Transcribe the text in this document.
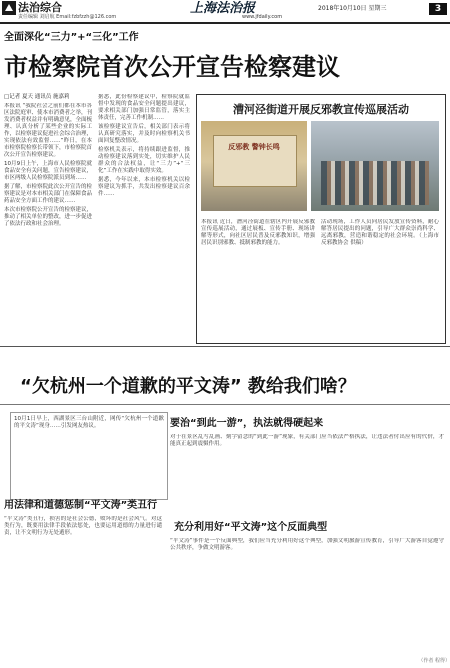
法治综合
责任编辑 刘启航 Email:fzbfzzh@126.com
上海法治报
www.jfdaily.com
2018年10月10日 星期三	3
全面深化“三力”+“三化”工作
市检察院首次公开宣告检察建议
□记者 夏天 通讯员 施嘉莉

本报讯 “我院社会之前们都在本市各区法院庭审、使本市消费者之举，刊发消费者权益并有明确意见，全面梳理、认真分析了某些企业的实际工作，以检察建议促进社会综合治理，实现依法有效监督……”昨日，在本市检察院检察长带领下，市检察院首次公开宣告检察建议。

10月9日上午，上海市人民检察院就食品安全有关问题，宣告检察建议，市区两级人民检察院派员到场……

据了解，市检察院此次公开宣告的检察建议是对本市相关部门在保障食品药品安全方面工作的建议……

本次市检察院公开宣告的检察建议，推动了相关单位的整改，进一步促进了依法行政和社会治理。

据悉，此份检察建议中，检察院就监督中发现的食品安全问题提出建议，要求相关部门加强日常监管，落实主体责任，完善工作机制……

该检察建议宣告后，相关部门表示将认真研究落实，并及时向检察机关书面回复整改情况。

检察机关表示，将持续跟进监督，推动检察建议落到实处，切实维护人民群众的合法权益，让“三力”+“三化”工作在实践中取得实效。

据悉，今年以来，本市检察机关以检察建议为抓手，共发出检察建议百余件……

漕河泾街道开展反邪教宣传巡展活动
反邪教 警钟长鸣
本报讯 近日，漕河泾街道在辖区内开展反邪教宣传巡展活动，通过展板、宣传手册、现场讲解等形式，向社区居民普及反邪教知识，增强居民识别邪教、抵制邪教的能力。
活动现场，工作人员向居民发放宣传资料，耐心解答居民提出的问题，引导广大群众崇尚科学、远离邪教，营造和谐稳定的社会环境。（上海市反邪教协会 供稿）
“欠杭州一个道歉的平文涛” 教给我们啥？
10月1日早上，西湖景区三台山附近，网传“欠杭州一个道歉的平文涛”现身……引发网友热议。
用法律和道德惩制“平文涛”类丑行
“平文涛”类丑行，损害的是社会公德，败坏的是社会风气。对这类行为，既要用法律手段依法惩处，也要运用道德的力量进行谴责，让不文明行为无处遁形。
要治“到此一游”，执法就得硬起来
对于在景区乱写乱画、刻字留念的“到此一游”现象，有关部门应当依法严格执法，让违法者付出应有的代价，才能真正起到震慑作用。
充分利用好“平文涛”这个反面典型
“平文涛”事件是一个反面典型，我们应当充分利用好这个典型，加强文明旅游宣传教育，引导广大游客自觉遵守公共秩序，争做文明游客。
（作者 程得）
